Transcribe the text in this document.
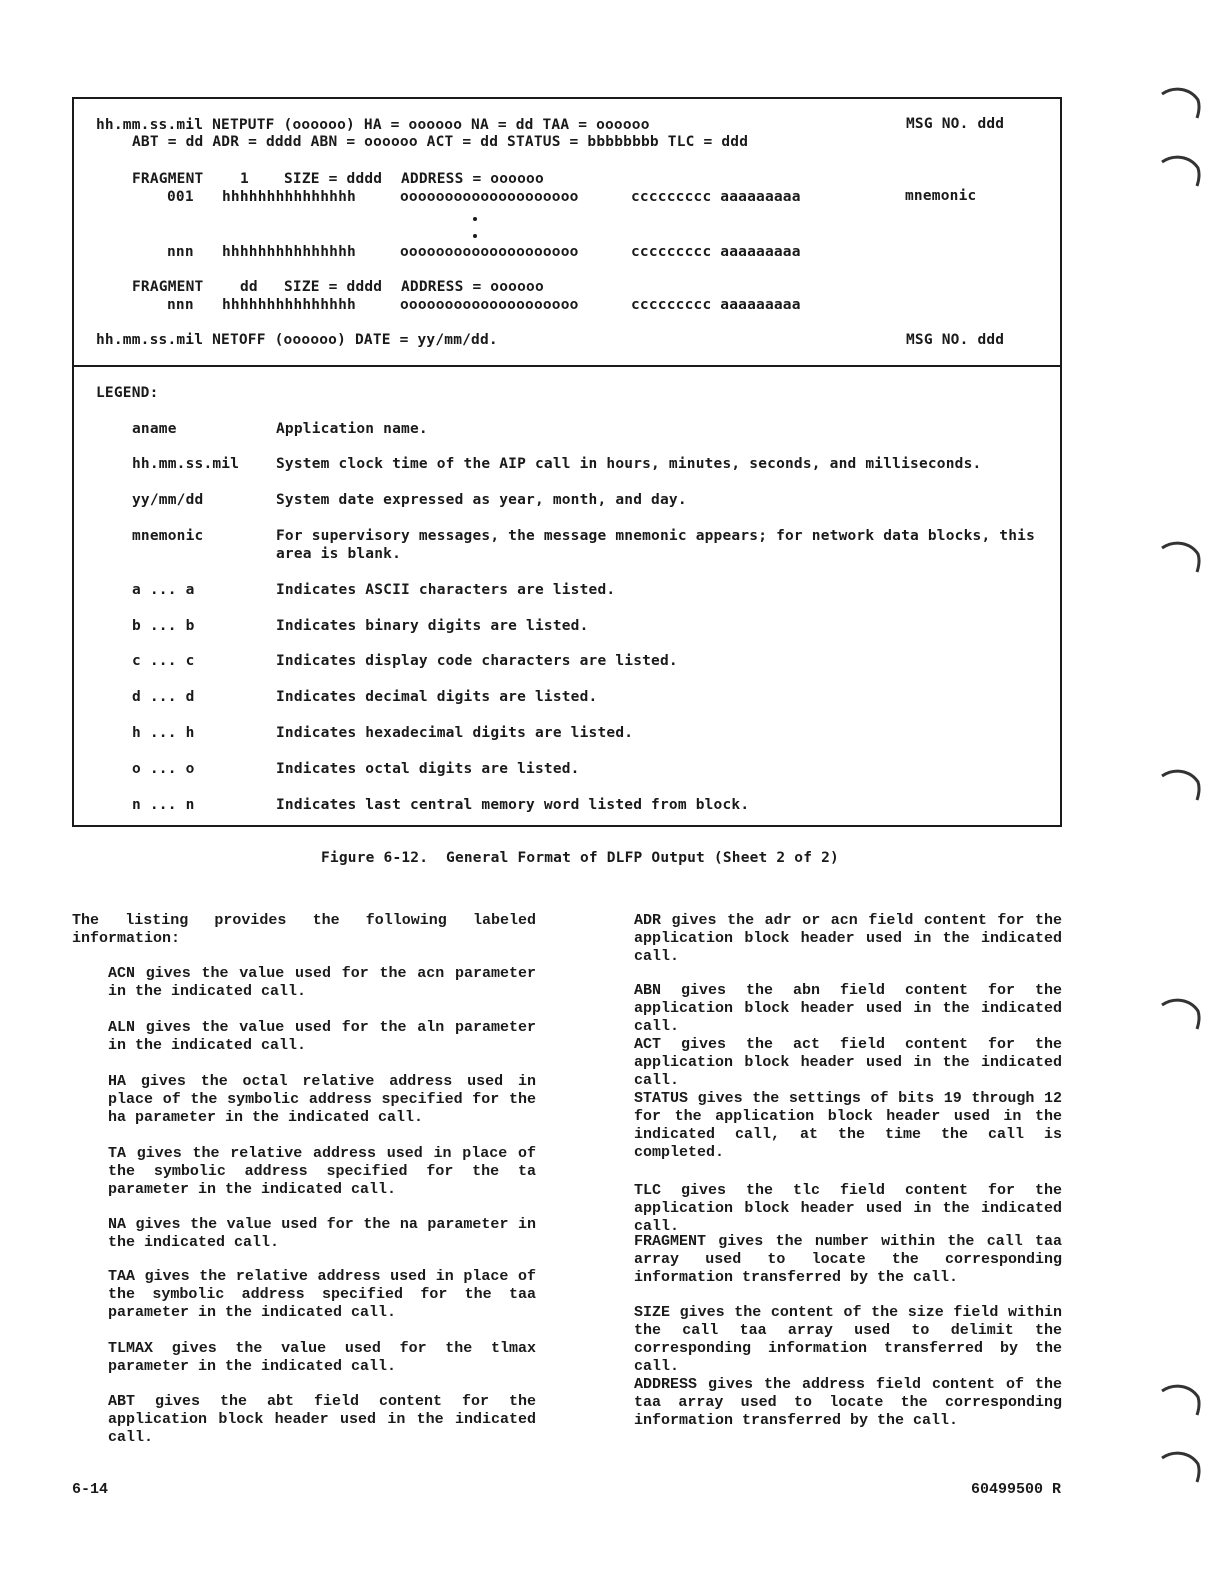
hh.mm.ss.mil NETPUTF (oooooo) HA = oooooo NA = dd TAA = oooooo
ABT = dd ADR = dddd ABN = oooooo ACT = dd STATUS = bbbbbbbb TLC = ddd
MSG NO. ddd
FRAGMENT	1 SIZE = dddd ADDRESS = oooooo
001 hhhhhhhhhhhhhhh	oooooooooooooooooooo	ccccccccc aaaaaaaaa	mnemonic
nnn hhhhhhhhhhhhhhh	oooooooooooooooooooo	ccccccccc aaaaaaaaa
FRAGMENT	dd SIZE = dddd ADDRESS = oooooo
nnn hhhhhhhhhhhhhhh	oooooooooooooooooooo	ccccccccc aaaaaaaaa
hh.mm.ss.mil NETOFF (oooooo) DATE = yy/mm/dd.	MSG NO. ddd
LEGEND:
aname	Application name.
hh.mm.ss.mil	System clock time of the AIP call in hours, minutes, seconds, and milliseconds.
yy/mm/dd	System date expressed as year, month, and day.
mnemonic	For supervisory messages, the message mnemonic appears; for network data blocks, this
area is blank.
a ... a	Indicates ASCII characters are listed.
b ... b	Indicates binary digits are listed.
c ... c	Indicates display code characters are listed.
d ... d	Indicates decimal digits are listed.
h ... h	Indicates hexadecimal digits are listed.
o ... o	Indicates octal digits are listed.
n ... n	Indicates last central memory word listed from block.
Figure 6-12.  General Format of DLFP Output (Sheet 2 of 2)

The listing provides the following labeled information:

ACN gives the value used for the acn parameter in the indicated call.

ALN gives the value used for the aln parameter in the indicated call.

HA gives the octal relative address used in place of the symbolic address specified for the ha parameter in the indicated call.

TA gives the relative address used in place of the symbolic address specified for the ta parameter in the indicated call.

NA gives the value used for the na parameter in the indicated call.

TAA gives the relative address used in place of the symbolic address specified for the taa parameter in the indicated call.

TLMAX gives the value used for the tlmax parameter in the indicated call.

ABT gives the abt field content for the application block header used in the indicated call.

ADR gives the adr or acn field content for the application block header used in the indicated call.

ABN gives the abn field content for the application block header used in the indicated call.

ACT gives the act field content for the application block header used in the indicated call.

STATUS gives the settings of bits 19 through 12 for the application block header used in the indicated call, at the time the call is completed.

TLC gives the tlc field content for the application block header used in the indicated call.

FRAGMENT gives the number within the call taa array used to locate the corresponding information transferred by the call.

SIZE gives the content of the size field within the call taa array used to delimit the corresponding information transferred by the call.

ADDRESS gives the address field content of the taa array used to locate the corresponding information transferred by the call.

6-14	60499500 R
